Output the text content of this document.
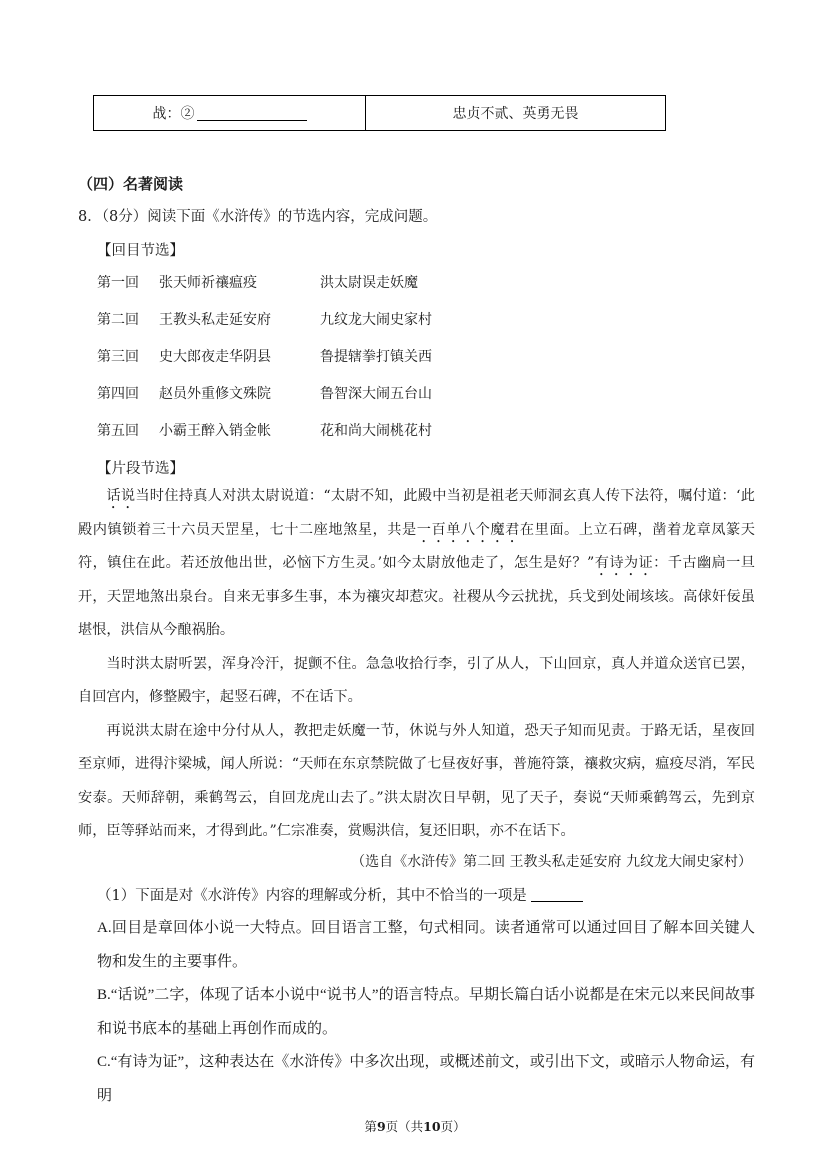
战：②	忠贞不贰、英勇无畏
（四）名著阅读
8．（8分）阅读下面《水浒传》的节选内容，完成问题。
【回目节选】
第一回 张天师祈禳瘟疫	洪太尉误走妖魔
第二回 王教头私走延安府	九纹龙大闹史家村
第三回 史大郎夜走华阴县	鲁提辖拳打镇关西
第四回 赵员外重修文殊院	鲁智深大闹五台山
第五回 小霸王醉入销金帐	花和尚大闹桃花村
【片段节选】

话说当时住持真人对洪太尉说道：“太尉不知，此殿中当初是祖老天师洞玄真人传下法符，嘱付道：‘此殿内镇锁着三十六员天罡星，七十二座地煞星，共是一百单八个魔君在里面。上立石碑，凿着龙章凤篆天符，镇住在此。若还放他出世，必恼下方生灵。’如今太尉放他走了，怎生是好？”有诗为证：千古幽扃一旦开，天罡地煞出泉台。自来无事多生事，本为禳灾却惹灾。社稷从今云扰扰，兵戈到处闹垓垓。高俅奸佞虽堪恨，洪信从今酿祸胎。

当时洪太尉听罢，浑身冷汗，捉颤不住。急急收拾行李，引了从人，下山回京，真人并道众送官已罢，自回宫内，修整殿宇，起竖石碑，不在话下。

再说洪太尉在途中分付从人，教把走妖魔一节，休说与外人知道，恐天子知而见责。于路无话，星夜回至京师，进得汴梁城，闻人所说：“天师在东京禁院做了七昼夜好事，普施符箓，禳救灾病，瘟疫尽消，军民安泰。天师辞朝，乘鹤驾云，自回龙虎山去了。”洪太尉次日早朝，见了天子，奏说“天师乘鹤驾云，先到京师，臣等驿站而来，才得到此。”仁宗准奏，赏赐洪信，复还旧职，亦不在话下。

（选自《水浒传》第二回 王教头私走延安府 九纹龙大闹史家村）
（1）下面是对《水浒传》内容的理解或分析，其中不恰当的一项是

A.回目是章回体小说一大特点。回目语言工整，句式相同。读者通常可以通过回目了解本回关键人物和发生的主要事件。

B.“话说”二字，体现了话本小说中“说书人”的语言特点。早期长篇白话小说都是在宋元以来民间故事和说书底本的基础上再创作而成的。

C.“有诗为证”，这种表达在《水浒传》中多次出现，或概述前文，或引出下文，或暗示人物命运，有明

第9页（共10页）
